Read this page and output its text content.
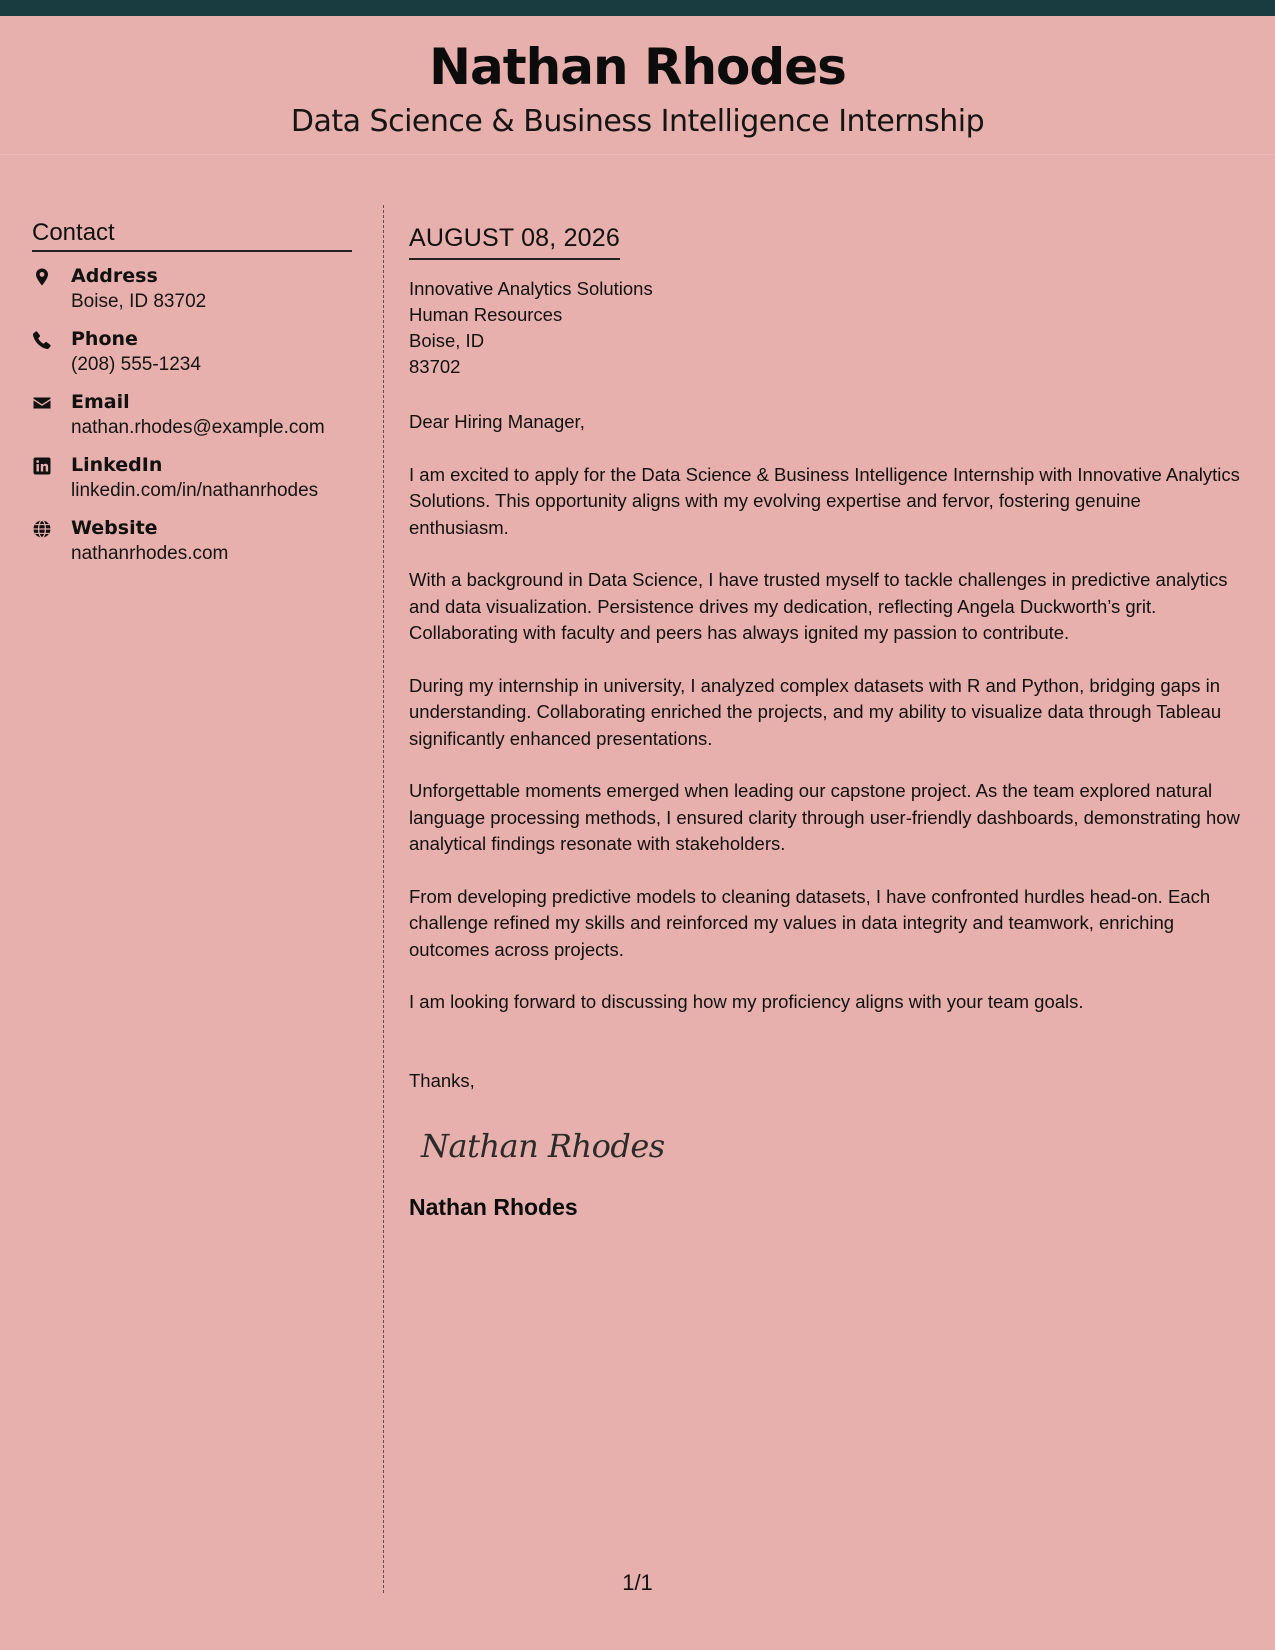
Nathan Rhodes
Data Science & Business Intelligence Internship
Contact
Address
Boise, ID 83702
Phone
(208) 555-1234
Email
nathan.rhodes@example.com
LinkedIn
linkedin.com/in/nathanrhodes
Website
nathanrhodes.com
AUGUST 08, 2026
Innovative Analytics Solutions
Human Resources
Boise, ID
83702
Dear Hiring Manager,

I am excited to apply for the Data Science & Business Intelligence Internship with Innovative Analytics Solutions. This opportunity aligns with my evolving expertise and fervor, fostering genuine enthusiasm.

With a background in Data Science, I have trusted myself to tackle challenges in predictive analytics and data visualization. Persistence drives my dedication, reflecting Angela Duckworth’s grit. Collaborating with faculty and peers has always ignited my passion to contribute.

During my internship in university, I analyzed complex datasets with R and Python, bridging gaps in understanding. Collaborating enriched the projects, and my ability to visualize data through Tableau significantly enhanced presentations.

Unforgettable moments emerged when leading our capstone project. As the team explored natural language processing methods, I ensured clarity through user-friendly dashboards, demonstrating how analytical findings resonate with stakeholders.

From developing predictive models to cleaning datasets, I have confronted hurdles head-on. Each challenge refined my skills and reinforced my values in data integrity and teamwork, enriching outcomes across projects.

I am looking forward to discussing how my proficiency aligns with your team goals.

Thanks,
Nathan Rhodes
Nathan Rhodes
1/1
